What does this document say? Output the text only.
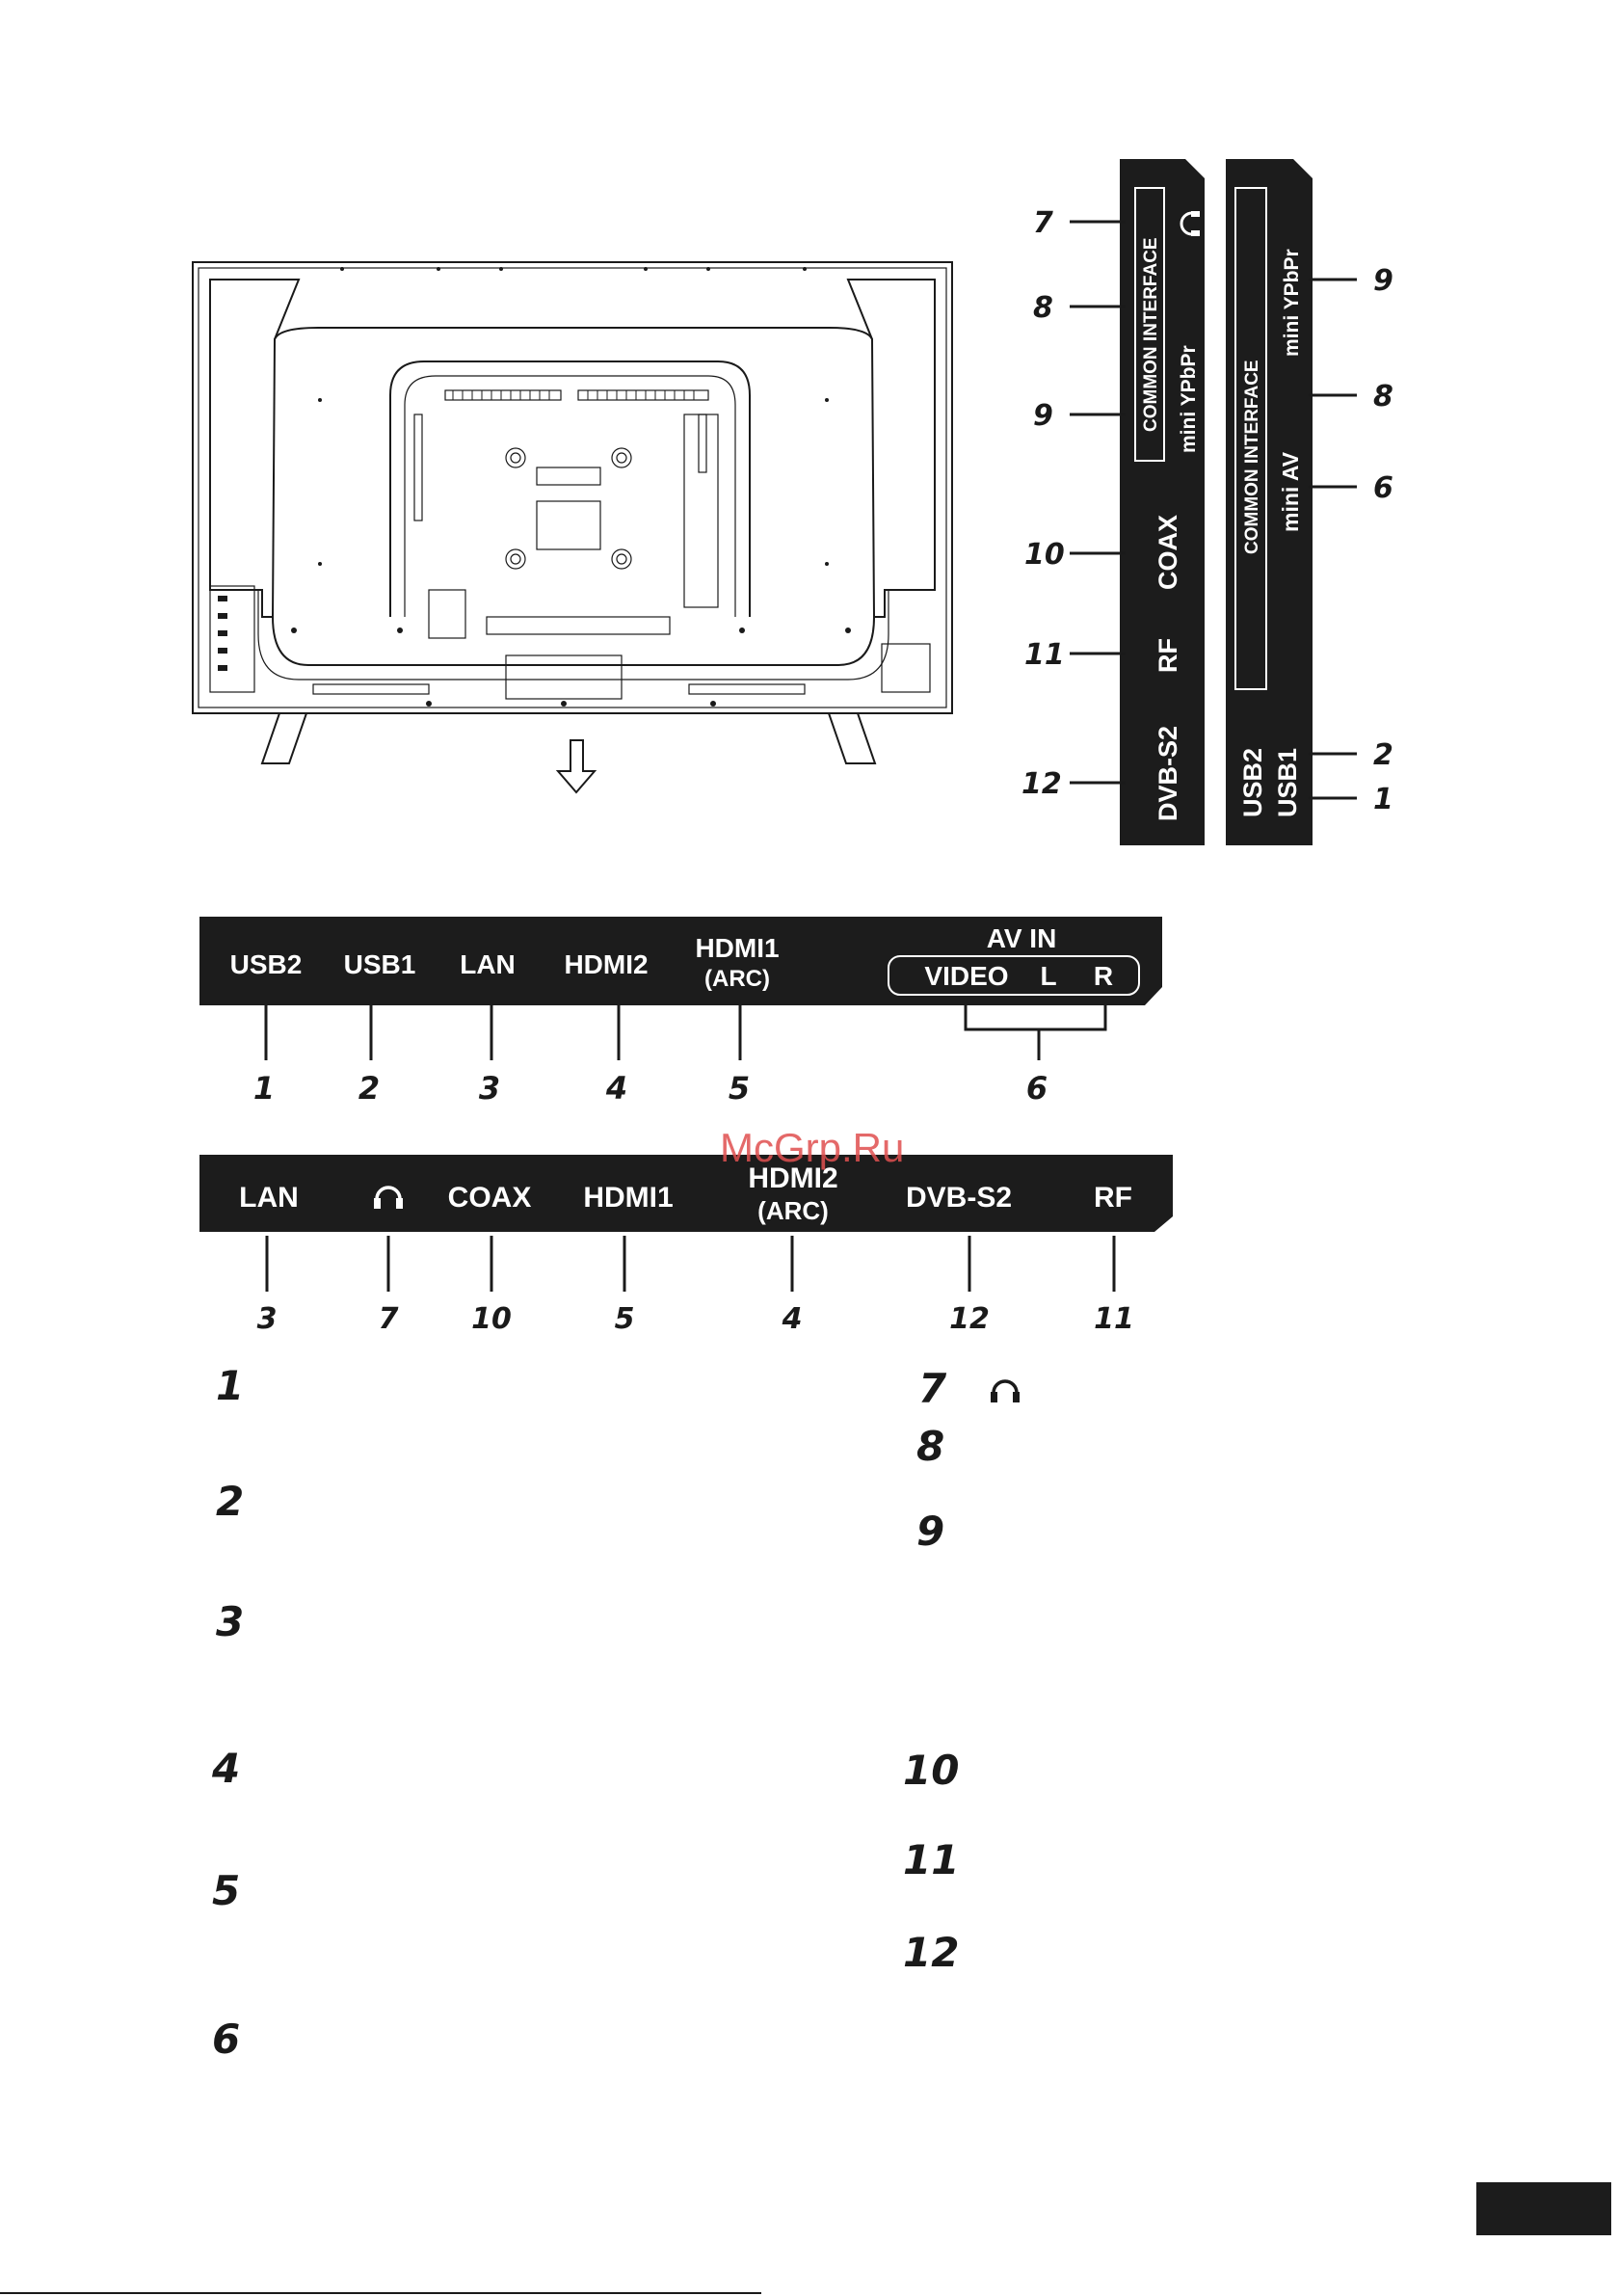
COMMON INTERFACE mini YPbPr
COAX
RF
DVB-S2
7
8
9
10
11
12
COMMON INTERFACE
mini YPbPr
mini AV
USB2 USB1
9
8
6
2
1
USB2 USB1 LAN HDMI2
HDMI1
(ARC)
AV IN
VIDEO L R
1	2	3	4	5	6
LAN	COAX HDMI1
HDMI2
(ARC)	DVB-S2	RF
3	7	10	5	4	12	11
McGrp.Ru
1
2
3
4
5
6
7
8
9
10
11
12
